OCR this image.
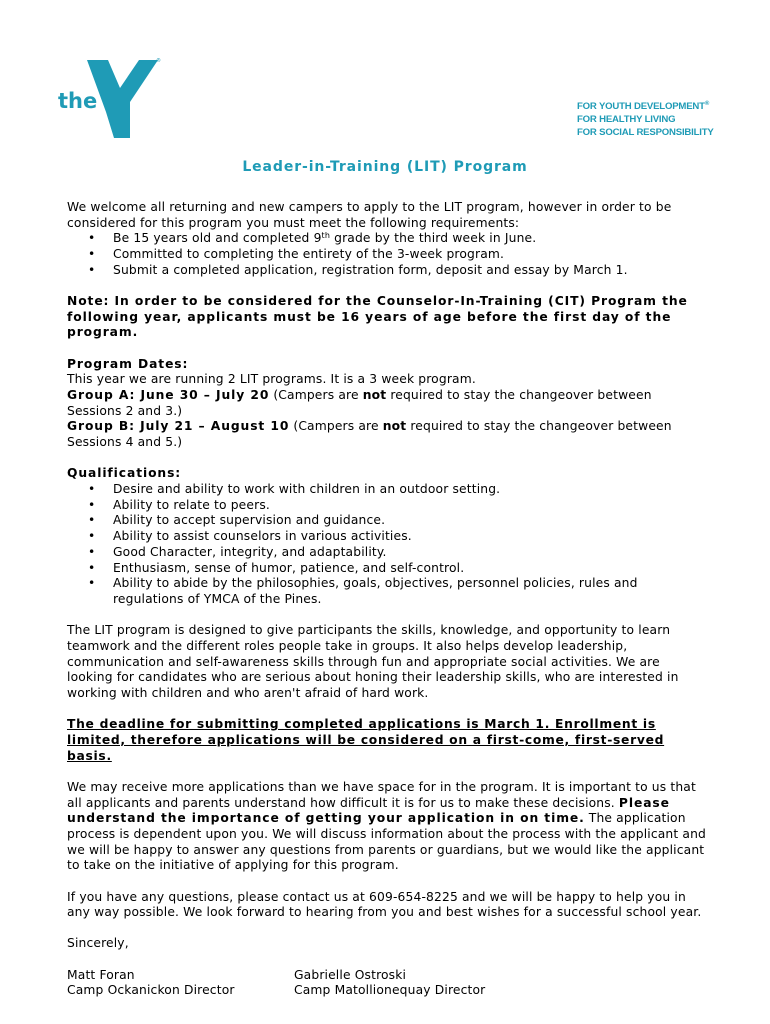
the
YMCA
®
FOR YOUTH DEVELOPMENT®
FOR HEALTHY LIVING
FOR SOCIAL RESPONSIBILITY
Leader-in-Training (LIT) Program

We welcome all returning and new campers to apply to the LIT program, however in order to be considered for this program you must meet the following requirements:

• Be 15 years old and completed 9th grade by the third week in June.
• Committed to completing the entirety of the 3-week program.
• Submit a completed application, registration form, deposit and essay by March 1.

Note: In order to be considered for the Counselor-In-Training (CIT) Program the following year, applicants must be 16 years of age before the first day of the program.

Program Dates:

This year we are running 2 LIT programs. It is a 3 week program.

Group A: June 30 – July 20 (Campers are not required to stay the changeover between Sessions 2 and 3.)

Group B: July 21 – August 10 (Campers are not required to stay the changeover between Sessions 4 and 5.)

Qualifications:

• Desire and ability to work with children in an outdoor setting.
• Ability to relate to peers.
• Ability to accept supervision and guidance.
• Ability to assist counselors in various activities.
• Good Character, integrity, and adaptability.
• Enthusiasm, sense of humor, patience, and self-control.
• Ability to abide by the philosophies, goals, objectives, personnel policies, rules and regulations of YMCA of the Pines.

The LIT program is designed to give participants the skills, knowledge, and opportunity to learn teamwork and the different roles people take in groups. It also helps develop leadership, communication and self-awareness skills through fun and appropriate social activities. We are looking for candidates who are serious about honing their leadership skills, who are interested in working with children and who aren't afraid of hard work.

The deadline for submitting completed applications is March 1. Enrollment is limited, therefore applications will be considered on a first-come, first-served basis.

We may receive more applications than we have space for in the program. It is important to us that all applicants and parents understand how difficult it is for us to make these decisions. Please understand the importance of getting your application in on time. The application process is dependent upon you. We will discuss information about the process with the applicant and we will be happy to answer any questions from parents or guardians, but we would like the applicant to take on the initiative of applying for this program.

If you have any questions, please contact us at 609-654-8225 and we will be happy to help you in any way possible. We look forward to hearing from you and best wishes for a successful school year.

Sincerely,

Matt Foran
Camp Ockanickon Director
Gabrielle Ostroski
Camp Matollionequay Director
